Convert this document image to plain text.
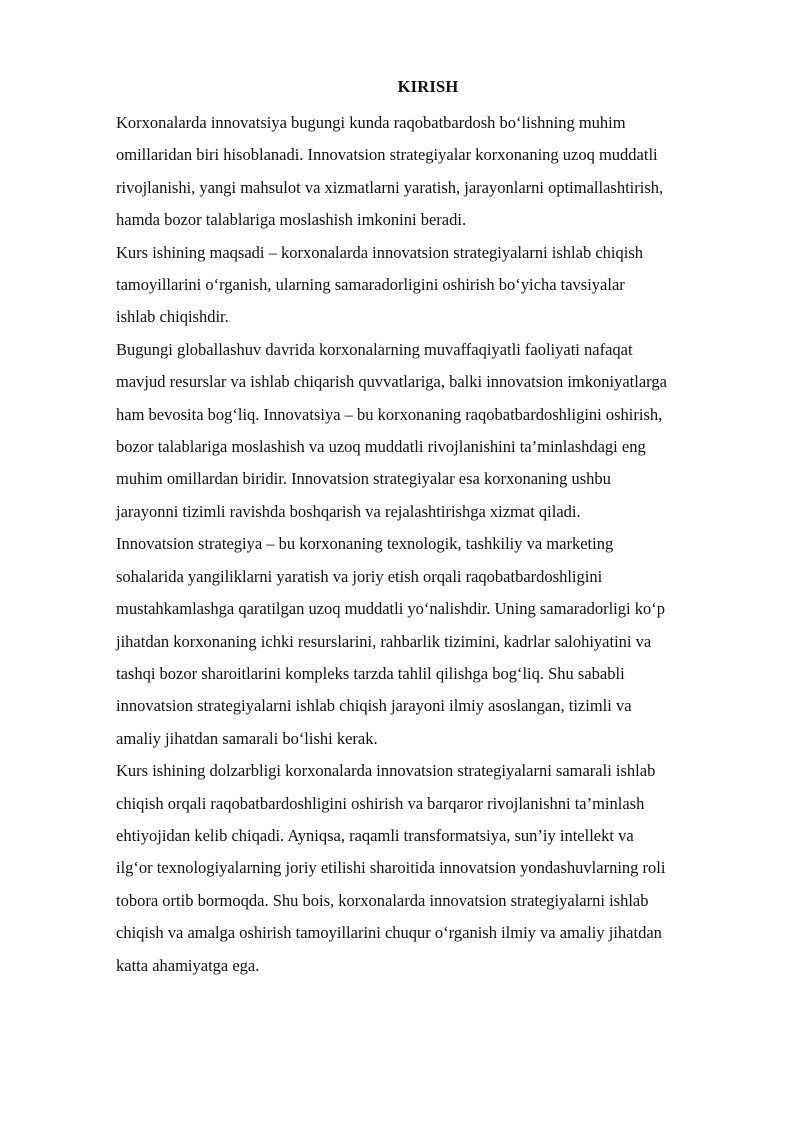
KIRISH
Korxonalarda innovatsiya bugungi kunda raqobatbardosh bo‘lishning muhim
omillaridan biri hisoblanadi. Innovatsion strategiyalar korxonaning uzoq muddatli
rivojlanishi, yangi mahsulot va xizmatlarni yaratish, jarayonlarni optimallashtirish,
hamda bozor talablariga moslashish imkonini beradi.
Kurs ishining maqsadi – korxonalarda innovatsion strategiyalarni ishlab chiqish
tamoyillarini o‘rganish, ularning samaradorligini oshirish bo‘yicha tavsiyalar
ishlab chiqishdir.
Bugungi globallashuv davrida korxonalarning muvaffaqiyatli faoliyati nafaqat
mavjud resurslar va ishlab chiqarish quvvatlariga, balki innovatsion imkoniyatlarga
ham bevosita bog‘liq. Innovatsiya – bu korxonaning raqobatbardoshligini oshirish,
bozor talablariga moslashish va uzoq muddatli rivojlanishini ta’minlashdagi eng
muhim omillardan biridir. Innovatsion strategiyalar esa korxonaning ushbu
jarayonni tizimli ravishda boshqarish va rejalashtirishga xizmat qiladi.
Innovatsion strategiya – bu korxonaning texnologik, tashkiliy va marketing
sohalarida yangiliklarni yaratish va joriy etish orqali raqobatbardoshligini
mustahkamlashga qaratilgan uzoq muddatli yo‘nalishdir. Uning samaradorligi ko‘p
jihatdan korxonaning ichki resurslarini, rahbarlik tizimini, kadrlar salohiyatini va
tashqi bozor sharoitlarini kompleks tarzda tahlil qilishga bog‘liq. Shu sababli
innovatsion strategiyalarni ishlab chiqish jarayoni ilmiy asoslangan, tizimli va
amaliy jihatdan samarali bo‘lishi kerak.
Kurs ishining dolzarbligi korxonalarda innovatsion strategiyalarni samarali ishlab
chiqish orqali raqobatbardoshligini oshirish va barqaror rivojlanishni ta’minlash
ehtiyojidan kelib chiqadi. Ayniqsa, raqamli transformatsiya, sun’iy intellekt va
ilg‘or texnologiyalarning joriy etilishi sharoitida innovatsion yondashuvlarning roli
tobora ortib bormoqda. Shu bois, korxonalarda innovatsion strategiyalarni ishlab
chiqish va amalga oshirish tamoyillarini chuqur o‘rganish ilmiy va amaliy jihatdan
katta ahamiyatga ega.
